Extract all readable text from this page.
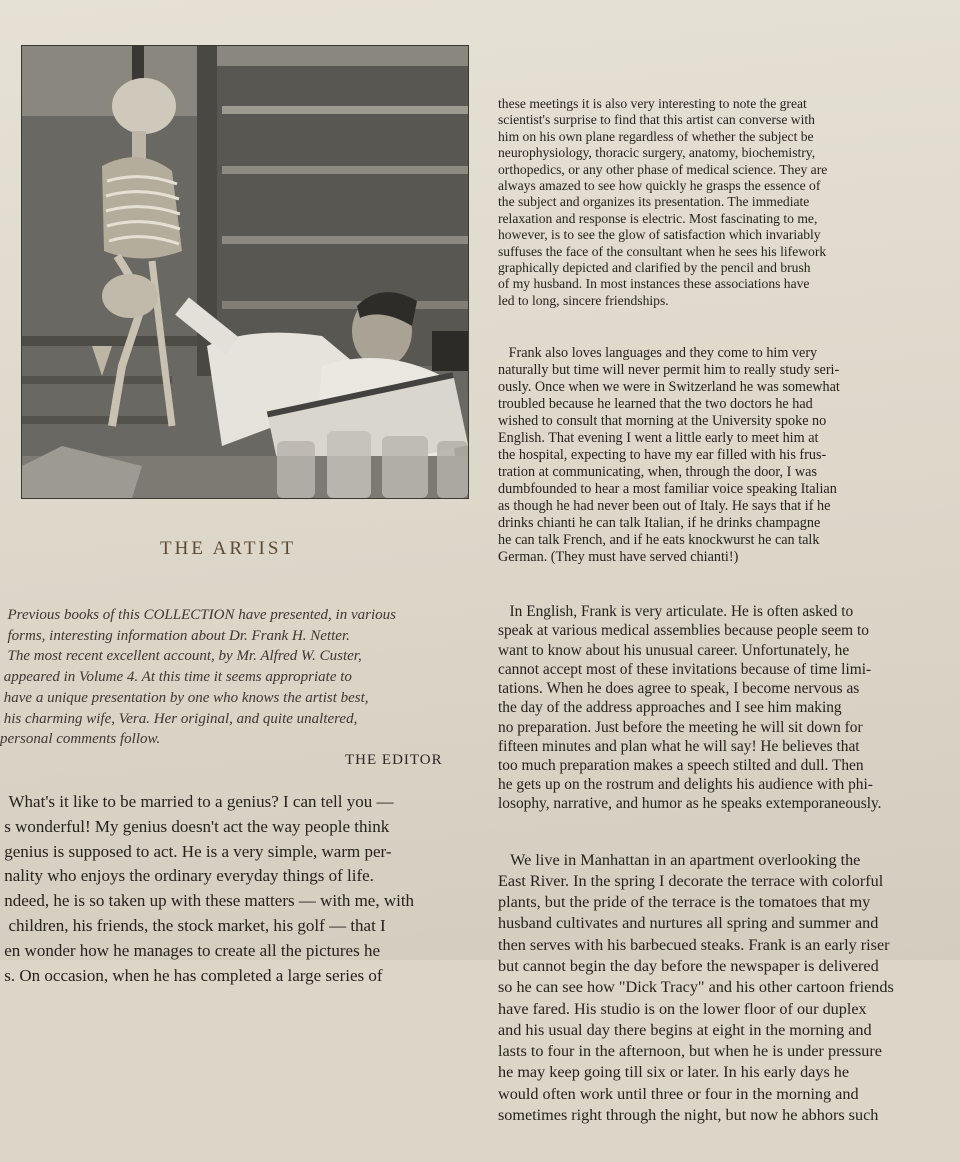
THE ARTIST
Previous books of this COLLECTION have presented, in various
forms, interesting information about Dr. Frank H. Netter.
The most recent excellent account, by Mr. Alfred W. Custer,
appeared in Volume 4. At this time it seems appropriate to
have a unique presentation by one who knows the artist best,
his charming wife, Vera. Her original, and quite unaltered,
personal comments follow.
THE EDITOR
What's it like to be married to a genius? I can tell you —
s wonderful! My genius doesn't act the way people think
genius is supposed to act. He is a very simple, warm per-
nality who enjoys the ordinary everyday things of life.
ndeed, he is so taken up with these matters — with me, with
children, his friends, the stock market, his golf — that I
en wonder how he manages to create all the pictures he
s. On occasion, when he has completed a large series of

these meetings it is also very interesting to note the great
scientist's surprise to find that this artist can converse with
him on his own plane regardless of whether the subject be
neurophysiology, thoracic surgery, anatomy, biochemistry,
orthopedics, or any other phase of medical science. They are
always amazed to see how quickly he grasps the essence of
the subject and organizes its presentation. The immediate
relaxation and response is electric. Most fascinating to me,
however, is to see the glow of satisfaction which invariably
suffuses the face of the consultant when he sees his lifework
graphically depicted and clarified by the pencil and brush
of my husband. In most instances these associations have
led to long, sincere friendships.

Frank also loves languages and they come to him very
naturally but time will never permit him to really study seri-
ously. Once when we were in Switzerland he was somewhat
troubled because he learned that the two doctors he had
wished to consult that morning at the University spoke no
English. That evening I went a little early to meet him at
the hospital, expecting to have my ear filled with his frus-
tration at communicating, when, through the door, I was
dumbfounded to hear a most familiar voice speaking Italian
as though he had never been out of Italy. He says that if he
drinks chianti he can talk Italian, if he drinks champagne
he can talk French, and if he eats knockwurst he can talk
German. (They must have served chianti!)

In English, Frank is very articulate. He is often asked to
speak at various medical assemblies because people seem to
want to know about his unusual career. Unfortunately, he
cannot accept most of these invitations because of time limi-
tations. When he does agree to speak, I become nervous as
the day of the address approaches and I see him making
no preparation. Just before the meeting he will sit down for
fifteen minutes and plan what he will say! He believes that
too much preparation makes a speech stilted and dull. Then
he gets up on the rostrum and delights his audience with phi-
losophy, narrative, and humor as he speaks extemporaneously.

We live in Manhattan in an apartment overlooking the
East River. In the spring I decorate the terrace with colorful
plants, but the pride of the terrace is the tomatoes that my
husband cultivates and nurtures all spring and summer and
then serves with his barbecued steaks. Frank is an early riser
but cannot begin the day before the newspaper is delivered
so he can see how "Dick Tracy" and his other cartoon friends
have fared. His studio is on the lower floor of our duplex
and his usual day there begins at eight in the morning and
lasts to four in the afternoon, but when he is under pressure
he may keep going till six or later. In his early days he
would often work until three or four in the morning and
sometimes right through the night, but now he abhors such
